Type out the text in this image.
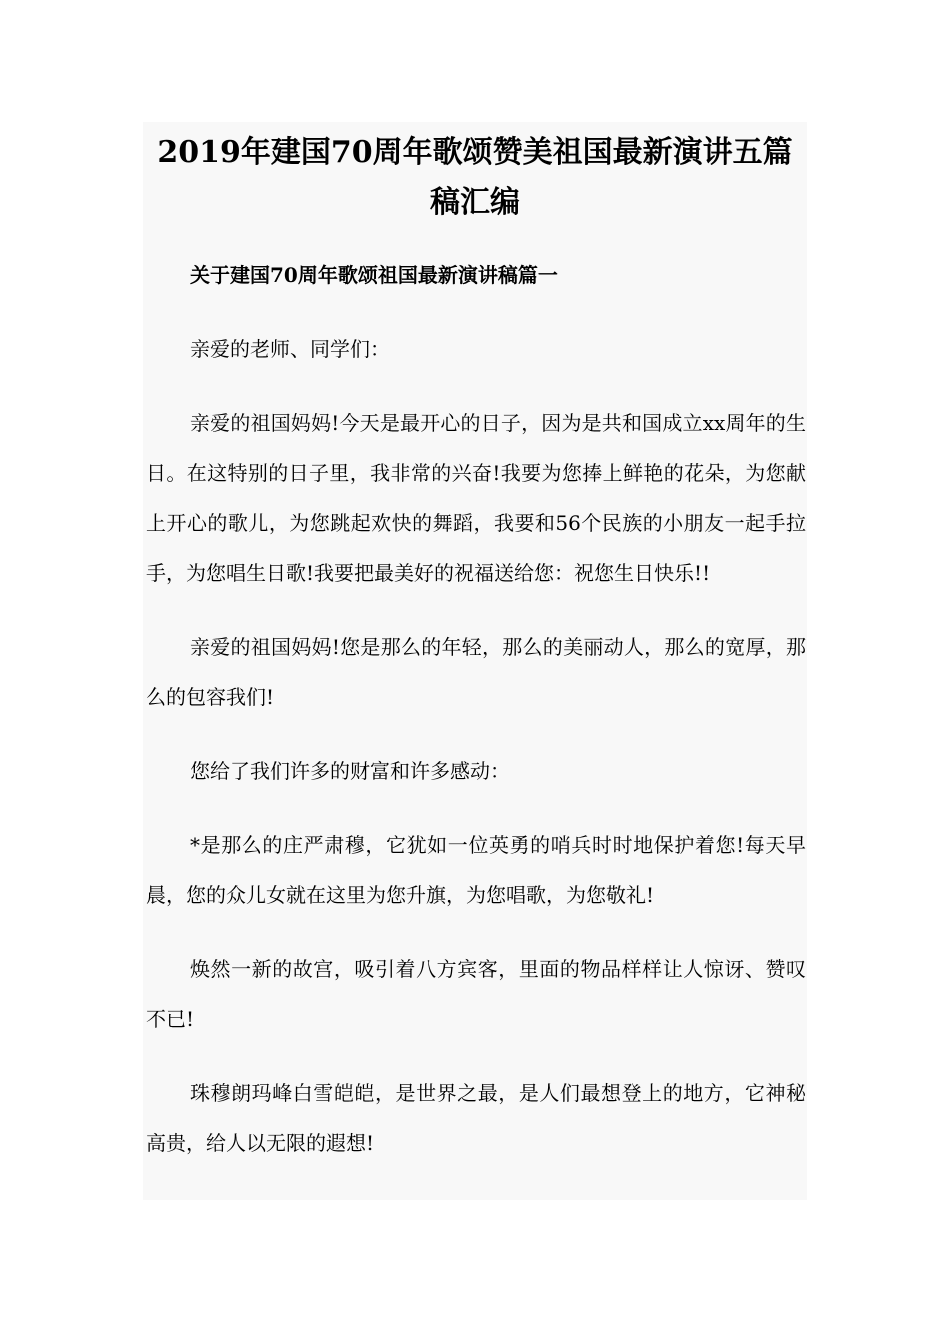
2019年建国70周年歌颂赞美祖国最新演讲五篇稿汇编

关于建国70周年歌颂祖国最新演讲稿篇一

亲爱的老师、同学们：

亲爱的祖国妈妈!今天是最开心的日子，因为是共和国成立xx周年的生日。在这特别的日子里，我非常的兴奋!我要为您捧上鲜艳的花朵，为您献上开心的歌儿，为您跳起欢快的舞蹈，我要和56个民族的小朋友一起手拉手，为您唱生日歌!我要把最美好的祝福送给您：祝您生日快乐!!

亲爱的祖国妈妈!您是那么的年轻，那么的美丽动人，那么的宽厚，那么的包容我们!

您给了我们许多的财富和许多感动：

*是那么的庄严肃穆，它犹如一位英勇的哨兵时时地保护着您!每天早晨，您的众儿女就在这里为您升旗，为您唱歌，为您敬礼!

焕然一新的故宫，吸引着八方宾客，里面的物品样样让人惊讶、赞叹不已!

珠穆朗玛峰白雪皑皑，是世界之最，是人们最想登上的地方，它神秘高贵，给人以无限的遐想!
